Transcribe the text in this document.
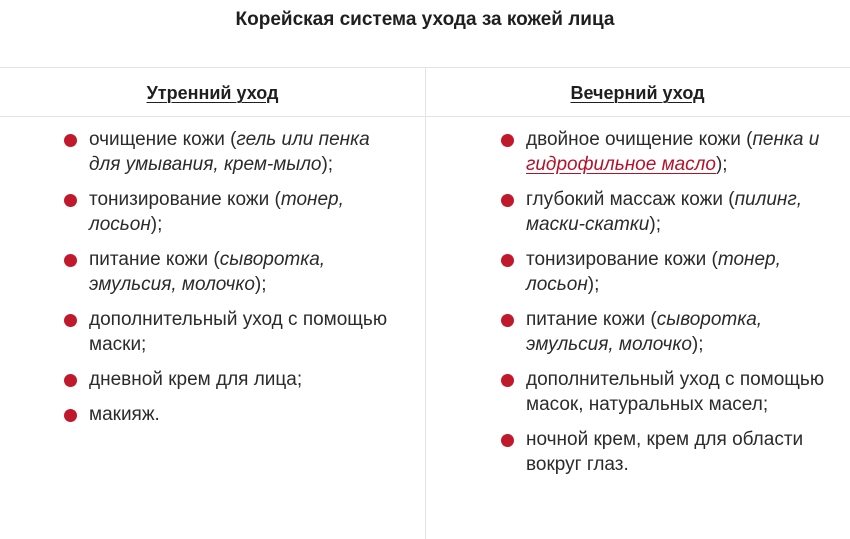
Корейская система ухода за кожей лица
Утренний уход	Вечерний уход
очищение кожи (гель или пенка для умывания, крем-мыло);
тонизирование кожи (тонер, лосьон);
питание кожи (сыворотка, эмульсия, молочко);
дополнительный уход с помощью маски;
дневной крем для лица;
макияж.
двойное очищение кожи (пенка и гидрофильное масло);
глубокий массаж кожи (пилинг, маски-скатки);
тонизирование кожи (тонер, лосьон);
питание кожи (сыворотка, эмульсия, молочко);
дополнительный уход с помощью масок, натуральных масел;
ночной крем, крем для области вокруг глаз.
